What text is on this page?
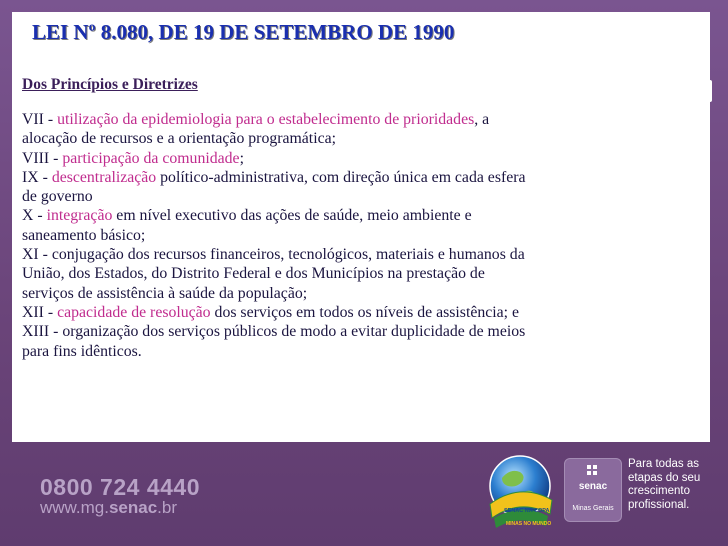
LEI Nº 8.080, DE 19 DE SETEMBRO DE 1990
Dos Princípios e Diretrizes
VII - utilização da epidemiologia para o estabelecimento de prioridades, a
alocação de recursos e a orientação programática;
VIII - participação da comunidade;
IX - descentralização político-administrativa, com direção única em cada esfera
de governo
X - integração em nível executivo das ações de saúde, meio ambiente e
saneamento básico;
XI - conjugação dos recursos financeiros, tecnológicos, materiais e humanos da
União, dos Estados, do Distrito Federal e dos Municípios na prestação de
serviços de assistência à saúde da população;
XII - capacidade de resolução dos serviços em todos os níveis de assistência; e
XIII - organização dos serviços públicos de modo a evitar duplicidade de meios
para fins idênticos.
0800 724 4440
www.mg.senac.br	SENAC NA COPA
MINAS NO MUNDO
senac
Minas Gerais
Para todas as
etapas do seu
crescimento
profissional.
